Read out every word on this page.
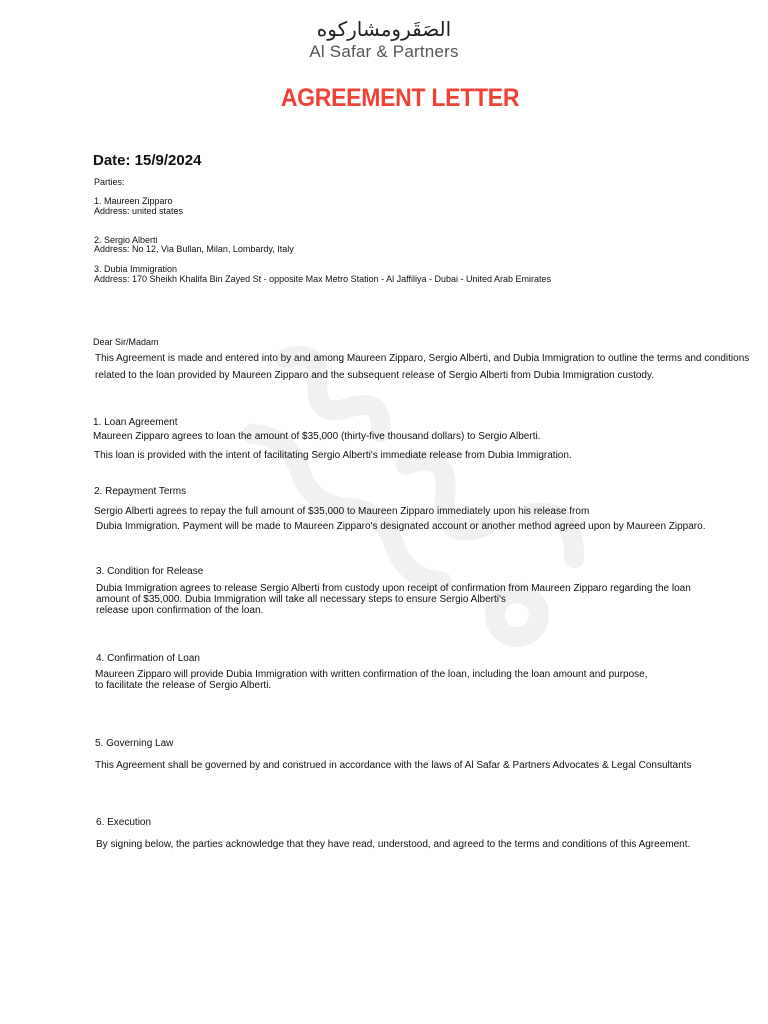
الصَقَرومشاركوه
Al Safar & Partners
AGREEMENT LETTER
Date: 15/9/2024
Parties:
1. Maureen Zipparo
Address: united states
2. Sergio Alberti
Address: No 12, Via Bullan, Milan, Lombardy, Italy
3. Dubia Immigration
Address: 170 Sheikh Khalifa Bin Zayed St - opposite Max Metro Station - Al Jaffiliya - Dubai - United Arab Emirates
Dear Sir/Madam
This Agreement is made and entered into by and among Maureen Zipparo, Sergio Alberti, and Dubia Immigration to outline the terms and conditions
related to the loan provided by Maureen Zipparo and the subsequent release of Sergio Alberti from Dubia Immigration custody.
1. Loan Agreement
Maureen Zipparo agrees to loan the amount of $35,000 (thirty-five thousand dollars) to Sergio Alberti.
This loan is provided with the intent of facilitating Sergio Alberti's immediate release from Dubia Immigration.
2. Repayment Terms
Sergio Alberti agrees to repay the full amount of $35,000 to Maureen Zipparo immediately upon his release from
Dubia Immigration. Payment will be made to Maureen Zipparo's designated account or another method agreed upon by Maureen Zipparo.
3. Condition for Release
Dubia Immigration agrees to release Sergio Alberti from custody upon receipt of confirmation from Maureen Zipparo regarding the loan
amount of $35,000. Dubia Immigration will take all necessary steps to ensure Sergio Alberti's
release upon confirmation of the loan.
4. Confirmation of Loan
Maureen Zipparo will provide Dubia Immigration with written confirmation of the loan, including the loan amount and purpose,
to facilitate the release of Sergio Alberti.
5. Governing Law
This Agreement shall be governed by and construed in accordance with the laws of Al Safar & Partners Advocates & Legal Consultants
6. Execution
By signing below, the parties acknowledge that they have read, understood, and agreed to the terms and conditions of this Agreement.
